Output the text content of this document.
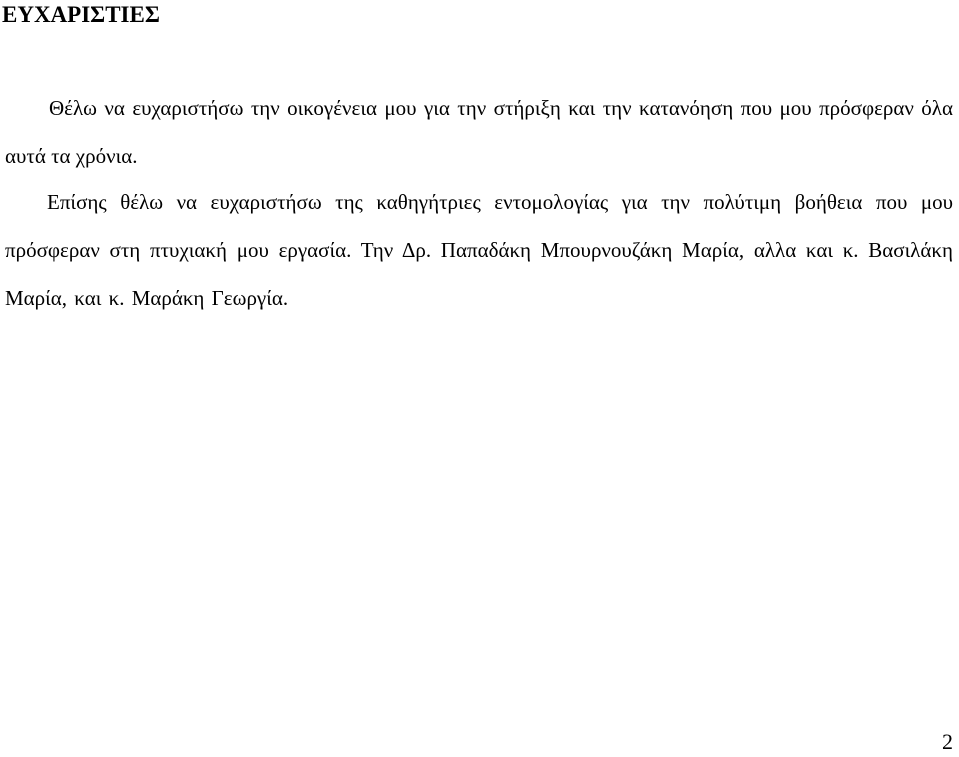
ΕΥΧΑΡΙΣΤΙΕΣ

Θέλω να ευχαριστήσω την οικογένεια μου για την στήριξη και την κατανόηση που μου πρόσφεραν όλα αυτά τα χρόνια.

Επίσης θέλω να ευχαριστήσω της καθηγήτριες εντομολογίας για την πολύτιμη βοήθεια που μου πρόσφεραν στη πτυχιακή μου εργασία. Την Δρ. Παπαδάκη Μπουρνουζάκη Μαρία, αλλα και κ. Βασιλάκη Μαρία, και κ. Μαράκη Γεωργία.

2
